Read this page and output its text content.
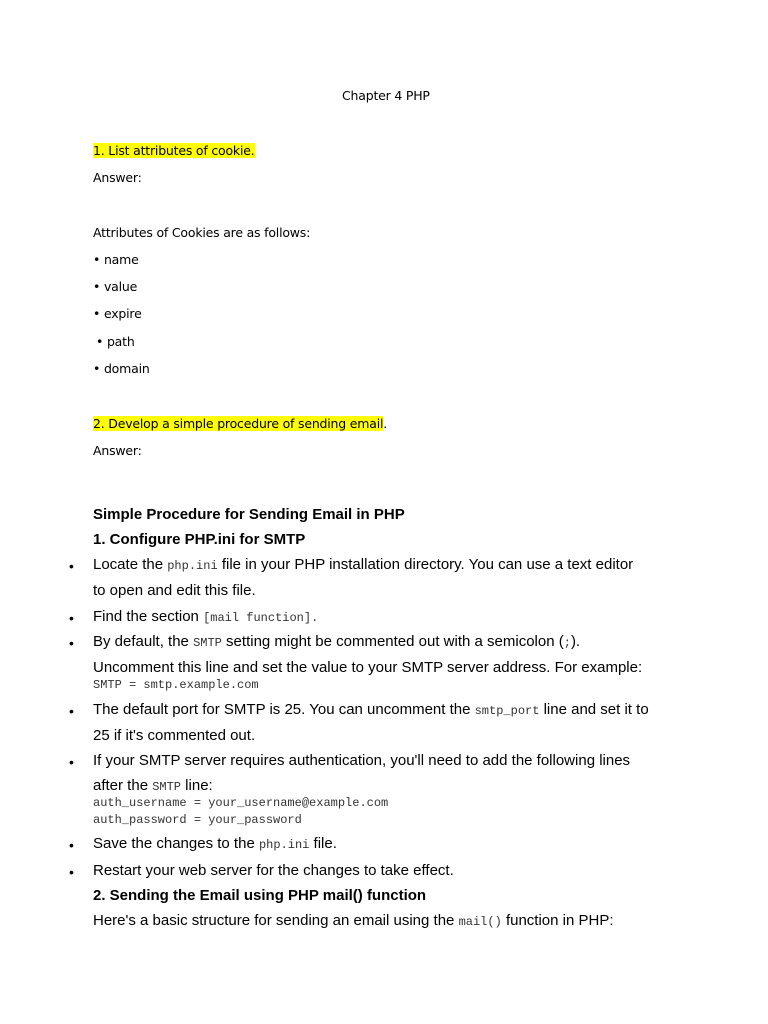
Chapter 4 PHP
1. List attributes of cookie.
Answer:
Attributes of Cookies are as follows:
• name
• value
• expire
• path
• domain
2. Develop a simple procedure of sending email.
Answer:
Simple Procedure for Sending Email in PHP
1. Configure PHP.ini for SMTP
• Locate the php.ini file in your PHP installation directory. You can use a text editor
to open and edit this file.
• Find the section [mail function].
• By default, the SMTP setting might be commented out with a semicolon (;).
Uncomment this line and set the value to your SMTP server address. For example:
SMTP = smtp.example.com
• The default port for SMTP is 25. You can uncomment the smtp_port line and set it to
25 if it's commented out.
• If your SMTP server requires authentication, you'll need to add the following lines
after the SMTP line:
auth_username = your_username@example.com
auth_password = your_password
• Save the changes to the php.ini file.
• Restart your web server for the changes to take effect.
2. Sending the Email using PHP mail() function
Here's a basic structure for sending an email using the mail() function in PHP:
